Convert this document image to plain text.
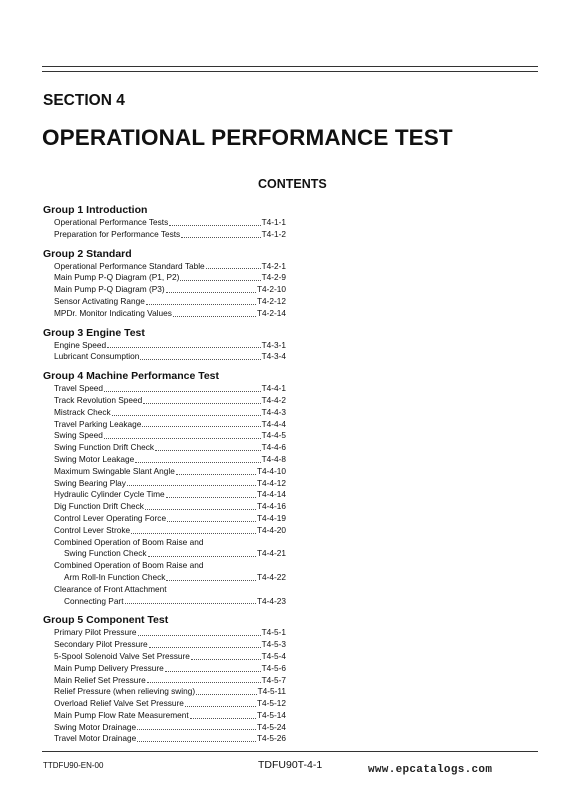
SECTION 4
OPERATIONAL PERFORMANCE TEST
CONTENTS
Group 1 Introduction
Operational Performance Tests	T4-1-1
Preparation for Performance Tests	T4-1-2
Group 2 Standard
Operational Performance Standard Table	T4-2-1
Main Pump P-Q Diagram (P1, P2)	T4-2-9
Main Pump P-Q Diagram (P3)	T4-2-10
Sensor Activating Range	T4-2-12
MPDr. Monitor Indicating Values	T4-2-14
Group 3 Engine Test
Engine Speed	T4-3-1
Lubricant Consumption	T4-3-4
Group 4 Machine Performance Test
Travel Speed	T4-4-1
Track Revolution Speed	T4-4-2
Mistrack Check	T4-4-3
Travel Parking Leakage	T4-4-4
Swing Speed	T4-4-5
Swing Function Drift Check	T4-4-6
Swing Motor Leakage	T4-4-8
Maximum Swingable Slant Angle	T4-4-10
Swing Bearing Play	T4-4-12
Hydraulic Cylinder Cycle Time	T4-4-14
Dig Function Drift Check	T4-4-16
Control Lever Operating Force	T4-4-19
Control Lever Stroke	T4-4-20
Combined Operation of Boom Raise and
Swing Function Check	T4-4-21
Combined Operation of Boom Raise and
Arm Roll-In Function Check	T4-4-22
Clearance of Front Attachment
Connecting Part	T4-4-23
Group 5 Component Test
Primary Pilot Pressure	T4-5-1
Secondary Pilot Pressure	T4-5-3
5-Spool Solenoid Valve Set Pressure	T4-5-4
Main Pump Delivery Pressure	T4-5-6
Main Relief Set Pressure	T4-5-7
Relief Pressure (when relieving swing)	T4-5-11
Overload Relief Valve Set Pressure	T4-5-12
Main Pump Flow Rate Measurement	T4-5-14
Swing Motor Drainage	T4-5-24
Travel Motor Drainage	T4-5-26
TTDFU90-EN-00	TDFU90T-4-1	www.epcatalogs.com
